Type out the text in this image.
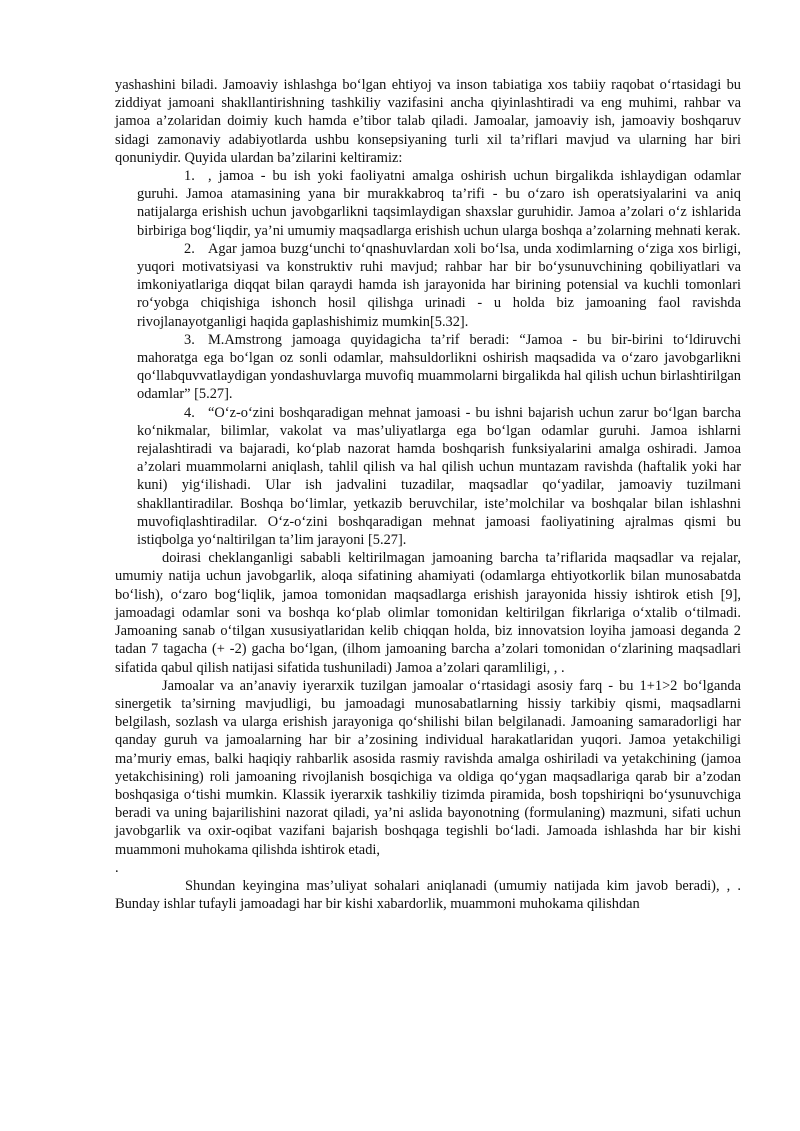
yashashini biladi. Jamoaviy ishlashga bo‘lgan ehtiyoj va inson tabiatiga xos tabiiy raqobat o‘rtasidagi bu ziddiyat jamoani shakllantirishning tashkiliy vazifasini ancha qiyinlashtiradi va eng muhimi, rahbar va jamoa a’zolaridan doimiy kuch hamda e’tibor talab qiladi. Jamoalar, jamoaviy ish, jamoaviy boshqaruv sidagi zamonaviy adabiyotlarda ushbu konsepsiyaning turli xil ta’riflari mavjud va ularning har biri qonuniydir. Quyida ulardan ba’zilarini keltiramiz:

1. , jamoa - bu ish yoki faoliyatni amalga oshirish uchun birgalikda ishlaydigan odamlar guruhi. Jamoa atamasining yana bir murakkabroq ta’rifi - bu o‘zaro ish operatsiyalarini va aniq natijalarga erishish uchun javobgarlikni taqsimlaydigan shaxslar guruhidir. Jamoa a’zolari o‘z ishlarida birbiriga bog‘liqdir, ya’ni umumiy maqsadlarga erishish uchun ularga boshqa a’zolarning mehnati kerak.

2. Agar jamoa buzg‘unchi to‘qnashuvlardan xoli bo‘lsa, unda xodimlarning o‘ziga xos birligi, yuqori motivatsiyasi va konstruktiv ruhi mavjud; rahbar har bir bo‘ysunuvchining qobiliyatlari va imkoniyatlariga diqqat bilan qaraydi hamda ish jarayonida har birining potensial va kuchli tomonlari ro‘yobga chiqishiga ishonch hosil qilishga urinadi - u holda biz jamoaning faol ravishda rivojlanayotganligi haqida gaplashishimiz mumkin[5.32].

3. M.Amstrong jamoaga quyidagicha ta’rif beradi: “Jamoa - bu bir-birini to‘ldiruvchi mahoratga ega bo‘lgan oz sonli odamlar, mahsuldorlikni oshirish maqsadida va o‘zaro javobgarlikni qo‘llabquvvatlaydigan yondashuvlarga muvofiq muammolarni birgalikda hal qilish uchun birlashtirilgan odamlar” [5.27].

4. “O‘z-o‘zini boshqaradigan mehnat jamoasi - bu ishni bajarish uchun zarur bo‘lgan barcha ko‘nikmalar, bilimlar, vakolat va mas’uliyatlarga ega bo‘lgan odamlar guruhi. Jamoa ishlarni rejalashtiradi va bajaradi, ko‘plab nazorat hamda boshqarish funksiyalarini amalga oshiradi. Jamoa a’zolari muammolarni aniqlash, tahlil qilish va hal qilish uchun muntazam ravishda (haftalik yoki har kuni) yig‘ilishadi. Ular ish jadvalini tuzadilar, maqsadlar qo‘yadilar, jamoaviy tuzilmani shakllantiradilar. Boshqa bo‘limlar, yetkazib beruvchilar, iste’molchilar va boshqalar bilan ishlashni muvofiqlashtiradilar. O‘z-o‘zini boshqaradigan mehnat jamoasi faoliyatining ajralmas qismi bu istiqbolga yo‘naltirilgan ta’lim jarayoni [5.27].

doirasi cheklanganligi sababli keltirilmagan jamoaning barcha ta’riflarida maqsadlar va rejalar, umumiy natija uchun javobgarlik, aloqa sifatining ahamiyati (odamlarga ehtiyotkorlik bilan munosabatda bo‘lish), o‘zaro bog‘liqlik, jamoa tomonidan maqsadlarga erishish jarayonida hissiy ishtirok etish [9], jamoadagi odamlar soni va boshqa ko‘plab olimlar tomonidan keltirilgan fikrlariga o‘xtalib o‘tilmadi. Jamoaning sanab o‘tilgan xususiyatlaridan kelib chiqqan holda, biz innovatsion loyiha jamoasi deganda 2 tadan 7 tagacha (+ -2) gacha bo‘lgan, (ilhom jamoaning barcha a’zolari tomonidan o‘zlarining maqsadlari sifatida qabul qilish natijasi sifatida tushuniladi) Jamoa a’zolari qaramliligi, , .

Jamoalar va an’anaviy iyerarxik tuzilgan jamoalar o‘rtasidagi asosiy farq - bu 1+1>2 bo‘lganda sinergetik ta’sirning mavjudligi, bu jamoadagi munosabatlarning hissiy tarkibiy qismi, maqsadlarni belgilash, sozlash va ularga erishish jarayoniga qo‘shilishi bilan belgilanadi. Jamoaning samaradorligi har qanday guruh va jamoalarning har bir a’zosining individual harakatlaridan yuqori. Jamoa yetakchiligi ma’muriy emas, balki haqiqiy rahbarlik asosida rasmiy ravishda amalga oshiriladi va yetakchining (jamoa yetakchisining) roli jamoaning rivojlanish bosqichiga va oldiga qo‘ygan maqsadlariga qarab bir a’zodan boshqasiga o‘tishi mumkin. Klassik iyerarxik tashkiliy tizimda piramida, bosh topshiriqni bo‘ysunuvchiga beradi va uning bajarilishini nazorat qiladi, ya’ni aslida bayonotning (formulaning) mazmuni, sifati uchun javobgarlik va oxir-oqibat vazifani bajarish boshqaga tegishli bo‘ladi. Jamoada ishlashda har bir kishi muammoni muhokama qilishda ishtirok etadi,

.

Shundan keyingina mas’uliyat sohalari aniqlanadi (umumiy natijada kim javob beradi), , . Bunday ishlar tufayli jamoadagi har bir kishi xabardorlik, muammoni muhokama qilishdan
